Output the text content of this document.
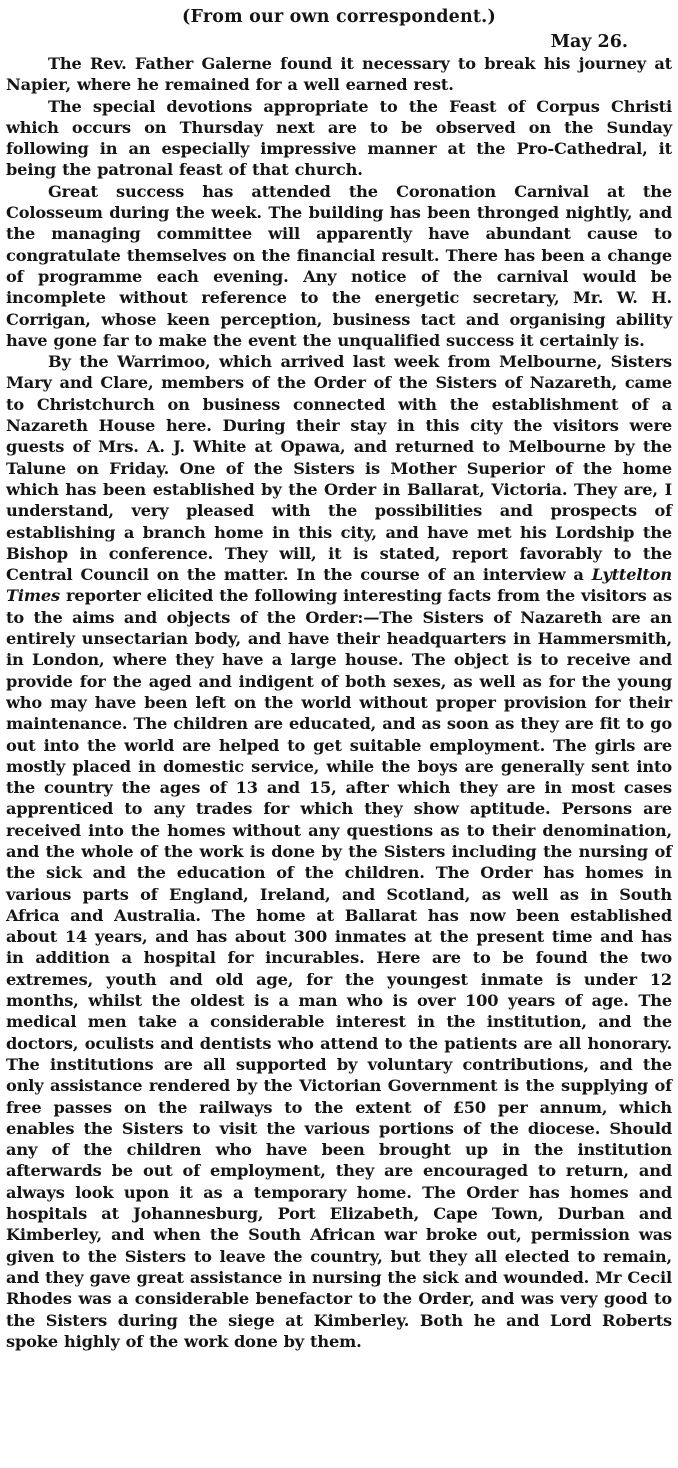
(From our own correspondent.)
May 26.

The Rev. Father Galerne found it necessary to break his journey at Napier, where he remained for a well earned rest.

The special devotions appropriate to the Feast of Corpus Christi which occurs on Thursday next are to be observed on the Sunday following in an especially impressive manner at the Pro-Cathedral, it being the patronal feast of that church.

Great success has attended the Coronation Carnival at the Colosseum during the week. The building has been thronged nightly, and the managing committee will apparently have abundant cause to congratulate themselves on the financial result. There has been a change of programme each evening. Any notice of the carnival would be incomplete without reference to the energetic secretary, Mr. W. H. Corrigan, whose keen perception, business tact and organising ability have gone far to make the event the unqualified success it certainly is.

By the Warrimoo, which arrived last week from Melbourne, Sisters Mary and Clare, members of the Order of the Sisters of Nazareth, came to Christchurch on business connected with the establishment of a Nazareth House here. During their stay in this city the visitors were guests of Mrs. A. J. White at Opawa, and returned to Melbourne by the Talune on Friday. One of the Sisters is Mother Superior of the home which has been established by the Order in Ballarat, Victoria. They are, I understand, very pleased with the possibilities and prospects of establishing a branch home in this city, and have met his Lordship the Bishop in conference. They will, it is stated, report favorably to the Central Council on the matter. In the course of an interview a Lyttelton Times reporter elicited the following interesting facts from the visitors as to the aims and objects of the Order:—The Sisters of Nazareth are an entirely unsectarian body, and have their headquarters in Hammersmith, in London, where they have a large house. The object is to receive and provide for the aged and indigent of both sexes, as well as for the young who may have been left on the world without proper provision for their maintenance. The children are educated, and as soon as they are fit to go out into the world are helped to get suitable employment. The girls are mostly placed in domestic service, while the boys are generally sent into the country the ages of 13 and 15, after which they are in most cases apprenticed to any trades for which they show aptitude. Persons are received into the homes without any questions as to their denomination, and the whole of the work is done by the Sisters including the nursing of the sick and the education of the children. The Order has homes in various parts of England, Ireland, and Scotland, as well as in South Africa and Australia. The home at Ballarat has now been established about 14 years, and has about 300 inmates at the present time and has in addition a hospital for incurables. Here are to be found the two extremes, youth and old age, for the youngest inmate is under 12 months, whilst the oldest is a man who is over 100 years of age. The medical men take a considerable interest in the institution, and the doctors, oculists and dentists who attend to the patients are all honorary. The institutions are all supported by voluntary contributions, and the only assistance rendered by the Victorian Government is the supplying of free passes on the railways to the extent of £50 per annum, which enables the Sisters to visit the various portions of the diocese. Should any of the children who have been brought up in the institution afterwards be out of employment, they are encouraged to return, and always look upon it as a temporary home. The Order has homes and hospitals at Johannesburg, Port Elizabeth, Cape Town, Durban and Kimberley, and when the South African war broke out, permission was given to the Sisters to leave the country, but they all elected to remain, and they gave great assistance in nursing the sick and wounded. Mr Cecil Rhodes was a considerable benefactor to the Order, and was very good to the Sisters during the siege at Kimberley. Both he and Lord Roberts spoke highly of the work done by them.
